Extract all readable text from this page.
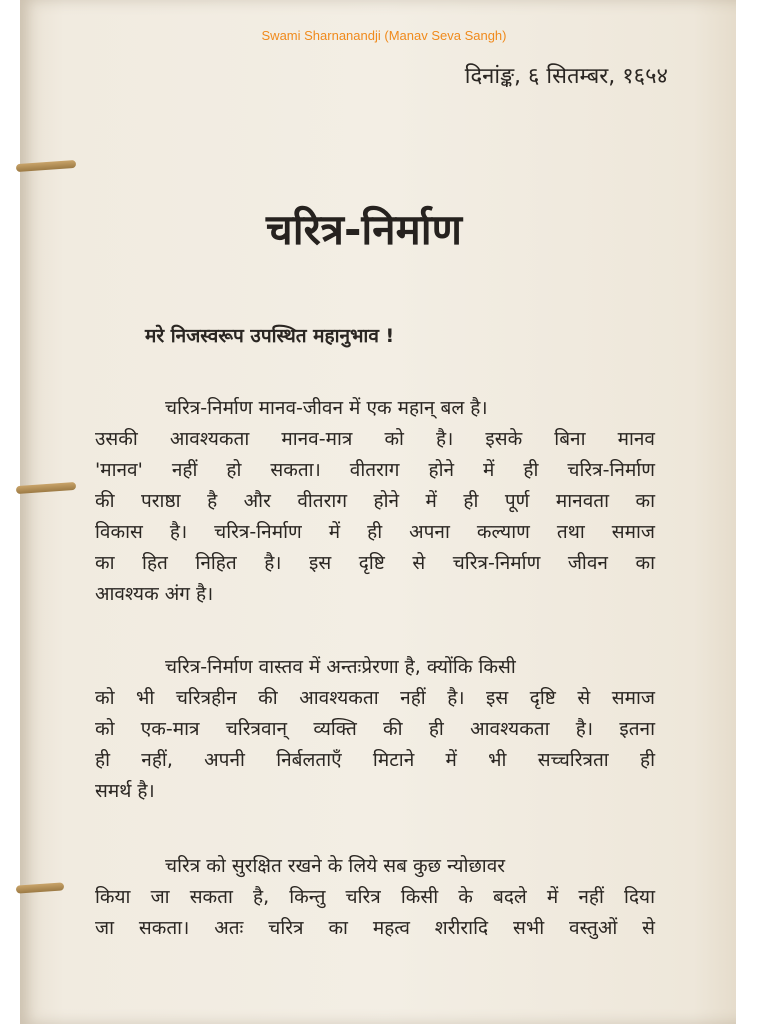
Swami Sharnanandji (Manav Seva Sangh)
दिनांङ्क, ६ सितम्बर, १६५४
चरित्र-निर्माण
मरे निजस्वरूप उपस्थित महानुभाव !
चरित्र-निर्माण मानव-जीवन में एक महान् बल है।
उसकी आवश्यकता मानव-मात्र को है। इसके बिना मानव
'मानव' नहीं हो सकता। वीतराग होने में ही चरित्र-निर्माण
की पराष्ठा है और वीतराग होने में ही पूर्ण मानवता का
विकास है। चरित्र-निर्माण में ही अपना कल्याण तथा समाज
का हित निहित है। इस दृष्टि से चरित्र-निर्माण जीवन का
आवश्यक अंग है।
चरित्र-निर्माण वास्तव में अन्तःप्रेरणा है, क्योंकि किसी
को भी चरित्रहीन की आवश्यकता नहीं है। इस दृष्टि से समाज
को एक-मात्र चरित्रवान् व्यक्ति की ही आवश्यकता है। इतना
ही नहीं, अपनी निर्बलताएँ मिटाने में भी सच्चरित्रता ही
समर्थ है।
चरित्र को सुरक्षित रखने के लिये सब कुछ न्योछावर
किया जा सकता है, किन्तु चरित्र किसी के बदले में नहीं दिया
जा सकता। अतः चरित्र का महत्व शरीरादि सभी वस्तुओं से
